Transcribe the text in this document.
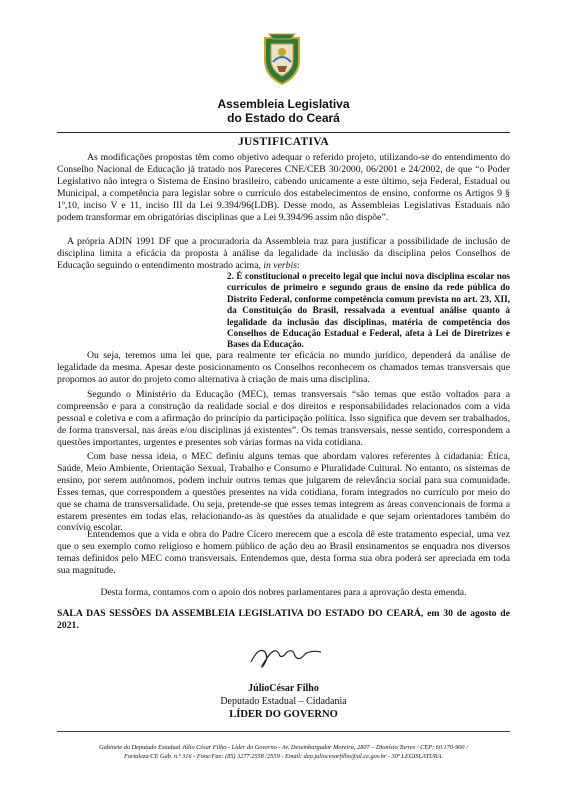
Assembleia Legislativa
do Estado do Ceará
JUSTIFICATIVA
As modificações propostas têm como objetivo adequar o referido projeto, utilizando-se do entendimento do Conselho Nacional de Educação já tratado nos Pareceres CNE/CEB 30/2000, 06/2001 e 24/2002, de que “o Poder Legislativo não integra o Sistema de Ensino brasileiro, cabendo unicamente a este último, seja Federal, Estadual ou Municipal, a competência para legislar sobre o currículo dos estabelecimentos de ensino, conforme os Artigos 9 § 1º,10, inciso V e 11, inciso III da Lei 9.394/96(LDB). Desse modo, as Assembleias Legislativas Estaduais não podem transformar em obrigatórias disciplinas que a Lei 9.394/96 assim não dispõe”.
A própria ADIN 1991 DF que a procuradoria da Assembleia traz para justificar a possibilidade de inclusão de disciplina limita a eficácia da proposta à análise da legalidade da inclusão da disciplina pelos Conselhos de Educação seguindo o entendimento mostrado acima, in verbis:
2. É constitucional o preceito legal que inclui nova disciplina escolar nos currículos de primeiro e segundo graus de ensino da rede pública do Distrito Federal, conforme competência comum prevista no art. 23, XII, da Constituição do Brasil, ressalvada a eventual análise quanto à legalidade da inclusão das disciplinas, matéria de competência dos Conselhos de Educação Estadual e Federal, afeta à Lei de Diretrizes e Bases da Educação.
Ou seja, teremos uma lei que, para realmente ter eficácia no mundo jurídico, dependerá da análise de legalidade da mesma. Apesar deste posicionamento os Conselhos reconhecem os chamados temas transversais que propomos ao autor do projeto como alternativa à criação de mais uma disciplina.
Segundo o Ministério da Educação (MEC), temas transversais “são temas que estão voltados para a compreensão e para a construção da realidade social e dos direitos e responsabilidades relacionados com a vida pessoal e coletiva e com a afirmação do princípio da participação política. Isso significa que devem ser trabalhados, de forma transversal, nas áreas e/ou disciplinas já existentes”. Os temas transversais, nesse sentido, correspondem a questões importantes, urgentes e presentes sob várias formas na vida cotidiana.
Com base nessa ideia, o MEC definiu alguns temas que abordam valores referentes à cidadania: Ética, Saúde, Meio Ambiente, Orientação Sexual, Trabalho e Consumo e Pluralidade Cultural. No entanto, os sistemas de ensino, por serem autônomos, podem incluir outros temas que julgarem de relevância social para sua comunidade. Esses temas, que correspondem a questões presentes na vida cotidiana, foram integrados no currículo por meio do que se chama de transversalidade. Ou seja, pretende-se que esses temas integrem as áreas convencionais de forma a estarem presentes em todas elas, relacionando-as às questões da atualidade e que sejam orientadores também do convívio escolar.
Entendemos que a vida e obra do Padre Cícero merecem que a escola dê este tratamento especial, uma vez que o seu exemplo como religioso e homem público de ação deu ao Brasil ensinamentos se enquadra nos diversos temas definidos pelo MEC como transversais. Entendemos que, desta forma sua obra poderá ser apreciada em toda sua magnitude.
Desta forma, contamos com o apoio dos nobres parlamentares para a aprovação desta emenda.
SALA DAS SESSÕES DA ASSEMBLEIA LEGISLATIVA DO ESTADO DO CEARÁ, em 30 de agosto de 2021.
JúlioCésar Filho
Deputado Estadual – Cidadania
LÍDER DO GOVERNO
Gabinete do Deputado Estadual Júlio César Filho - Líder do Governo - Av. Desembargador Moreira, 2807 – Dionísio Torres / CEP: 60.170-900 /
Fortaleza/CE Gab. n.º 316 - Fone/Fax: (85) 3277.2558 /2559 - Email: dep.juliocesarfilho@al.ce.gov.br - 30º LEGISLATURA.
